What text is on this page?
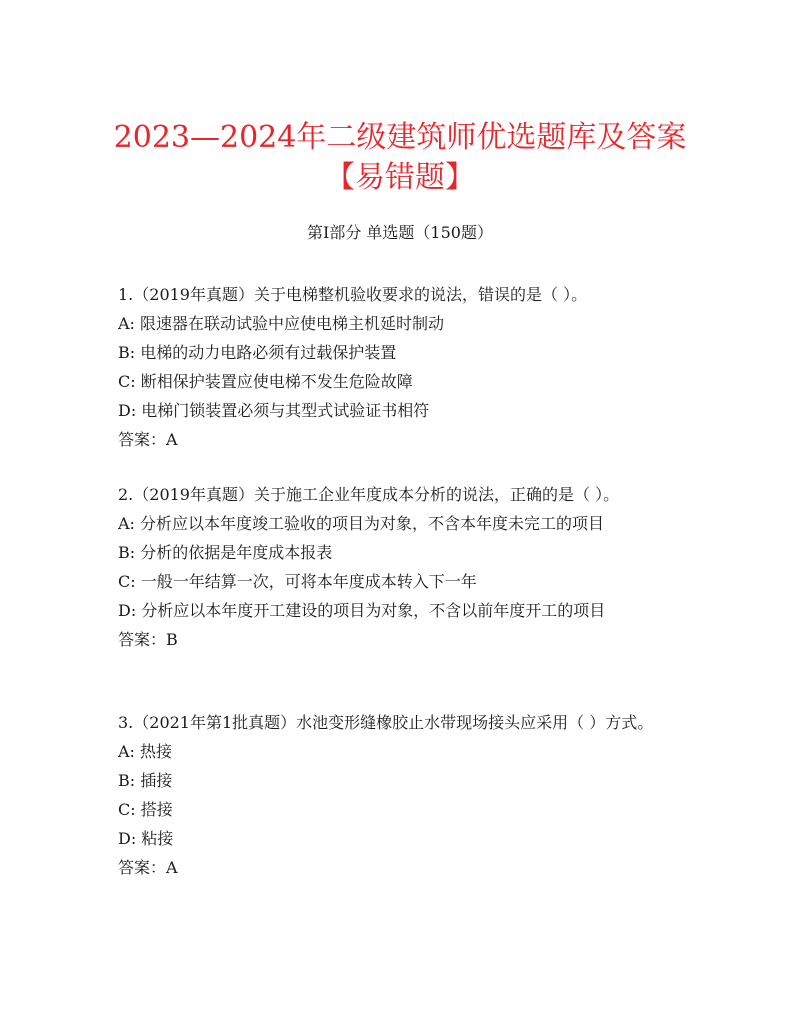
2023—2024年二级建筑师优选题库及答案【易错题】
第I部分 单选题（150题）
1.（2019年真题）关于电梯整机验收要求的说法，错误的是（ ）。
A: 限速器在联动试验中应使电梯主机延时制动
B: 电梯的动力电路必须有过载保护装置
C: 断相保护装置应使电梯不发生危险故障
D: 电梯门锁装置必须与其型式试验证书相符
答案：A
2.（2019年真题）关于施工企业年度成本分析的说法，正确的是（ ）。
A: 分析应以本年度竣工验收的项目为对象，不含本年度未完工的项目
B: 分析的依据是年度成本报表
C: 一般一年结算一次，可将本年度成本转入下一年
D: 分析应以本年度开工建设的项目为对象，不含以前年度开工的项目
答案：B
3.（2021年第1批真题）水池变形缝橡胶止水带现场接头应采用（ ）方式。
A: 热接
B: 插接
C: 搭接
D: 粘接
答案：A
